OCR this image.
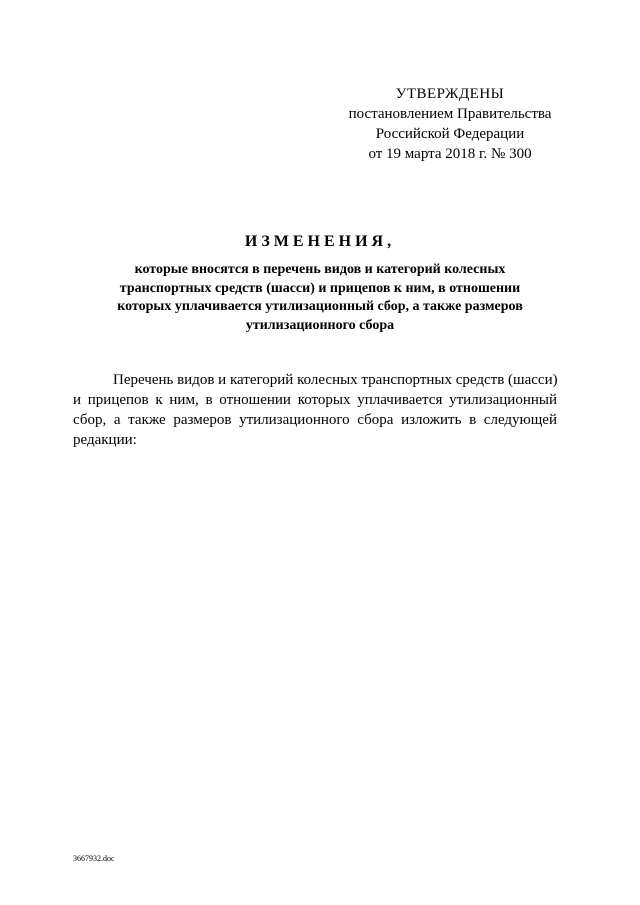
УТВЕРЖДЕНЫ
постановлением Правительства
Российской Федерации
от 19 марта 2018 г. № 300
ИЗМЕНЕНИЯ,
которые вносятся в перечень видов и категорий колесных
транспортных средств (шасси) и прицепов к ним, в отношении
которых уплачивается утилизационный сбор, а также размеров
утилизационного сбора
Перечень видов и категорий колесных транспортных средств (шасси)
и прицепов к ним, в отношении которых уплачивается утилизационный
сбор, а также размеров утилизационного сбора изложить в следующей
редакции:
3667932.doc
